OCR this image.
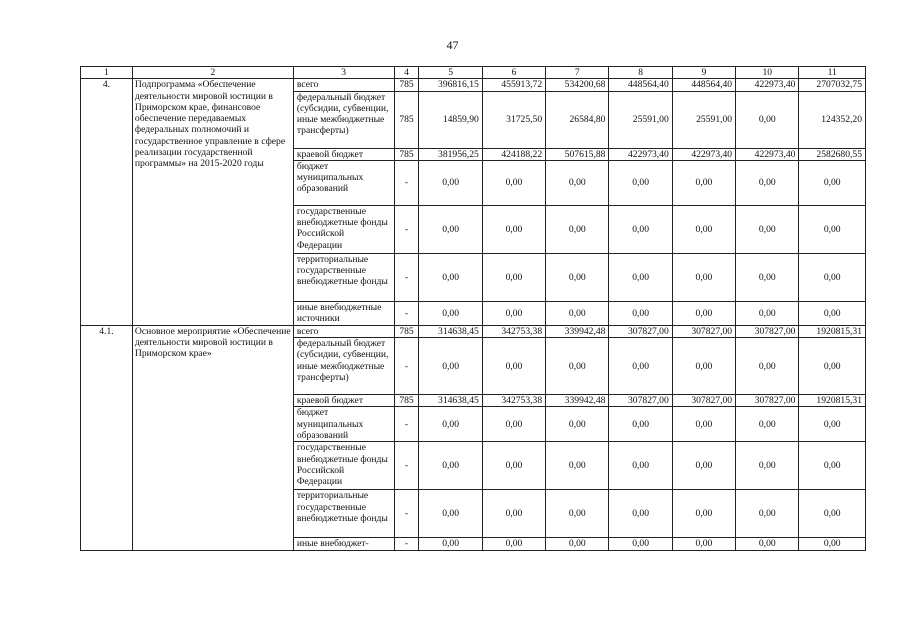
47
1	2	3	4	5	6	7	8	9	10	11
4.	Подпрограмма «Обеспечение деятельности мировой юстиции в Приморском крае, финансовое обеспечение передаваемых федеральных полномочий и государственное управление в сфере реализации государственной программы» на 2015-2020 годы	всего	785	396816,15	455913,72	534200,68	448564,40	448564,40	422973,40	2707032,75
		федеральный бюджет (субсидии, субвенции, иные межбюджетные трансферты)	785	14859,90	31725,50	26584,80	25591,00	25591,00	0,00	124352,20
		краевой бюджет	785	381956,25	424188,22	507615,88	422973,40	422973,40	422973,40	2582680,55
		бюджет муниципальных образований	-	0,00	0,00	0,00	0,00	0,00	0,00	0,00
		государственные внебюджетные фонды Российской Федерации	-	0,00	0,00	0,00	0,00	0,00	0,00	0,00
		территориальные государственные внебюджетные фонды	-	0,00	0,00	0,00	0,00	0,00	0,00	0,00
		иные внебюджетные источники	-	0,00	0,00	0,00	0,00	0,00	0,00	0,00
4.1.	Основное мероприятие «Обеспечение деятельности мировой юстиции в Приморском крае»	всего	785	314638,45	342753,38	339942,48	307827,00	307827,00	307827,00	1920815,31
		федеральный бюджет (субсидии, субвенции, иные межбюджетные трансферты)	-	0,00	0,00	0,00	0,00	0,00	0,00	0,00
		краевой бюджет	785	314638,45	342753,38	339942,48	307827,00	307827,00	307827,00	1920815,31
		бюджет муниципальных образований	-	0,00	0,00	0,00	0,00	0,00	0,00	0,00
		государственные внебюджетные фонды Российской Федерации	-	0,00	0,00	0,00	0,00	0,00	0,00	0,00
		территориальные государственные внебюджетные фонды	-	0,00	0,00	0,00	0,00	0,00	0,00	0,00
		иные внебюджет-	-	0,00	0,00	0,00	0,00	0,00	0,00	0,00
